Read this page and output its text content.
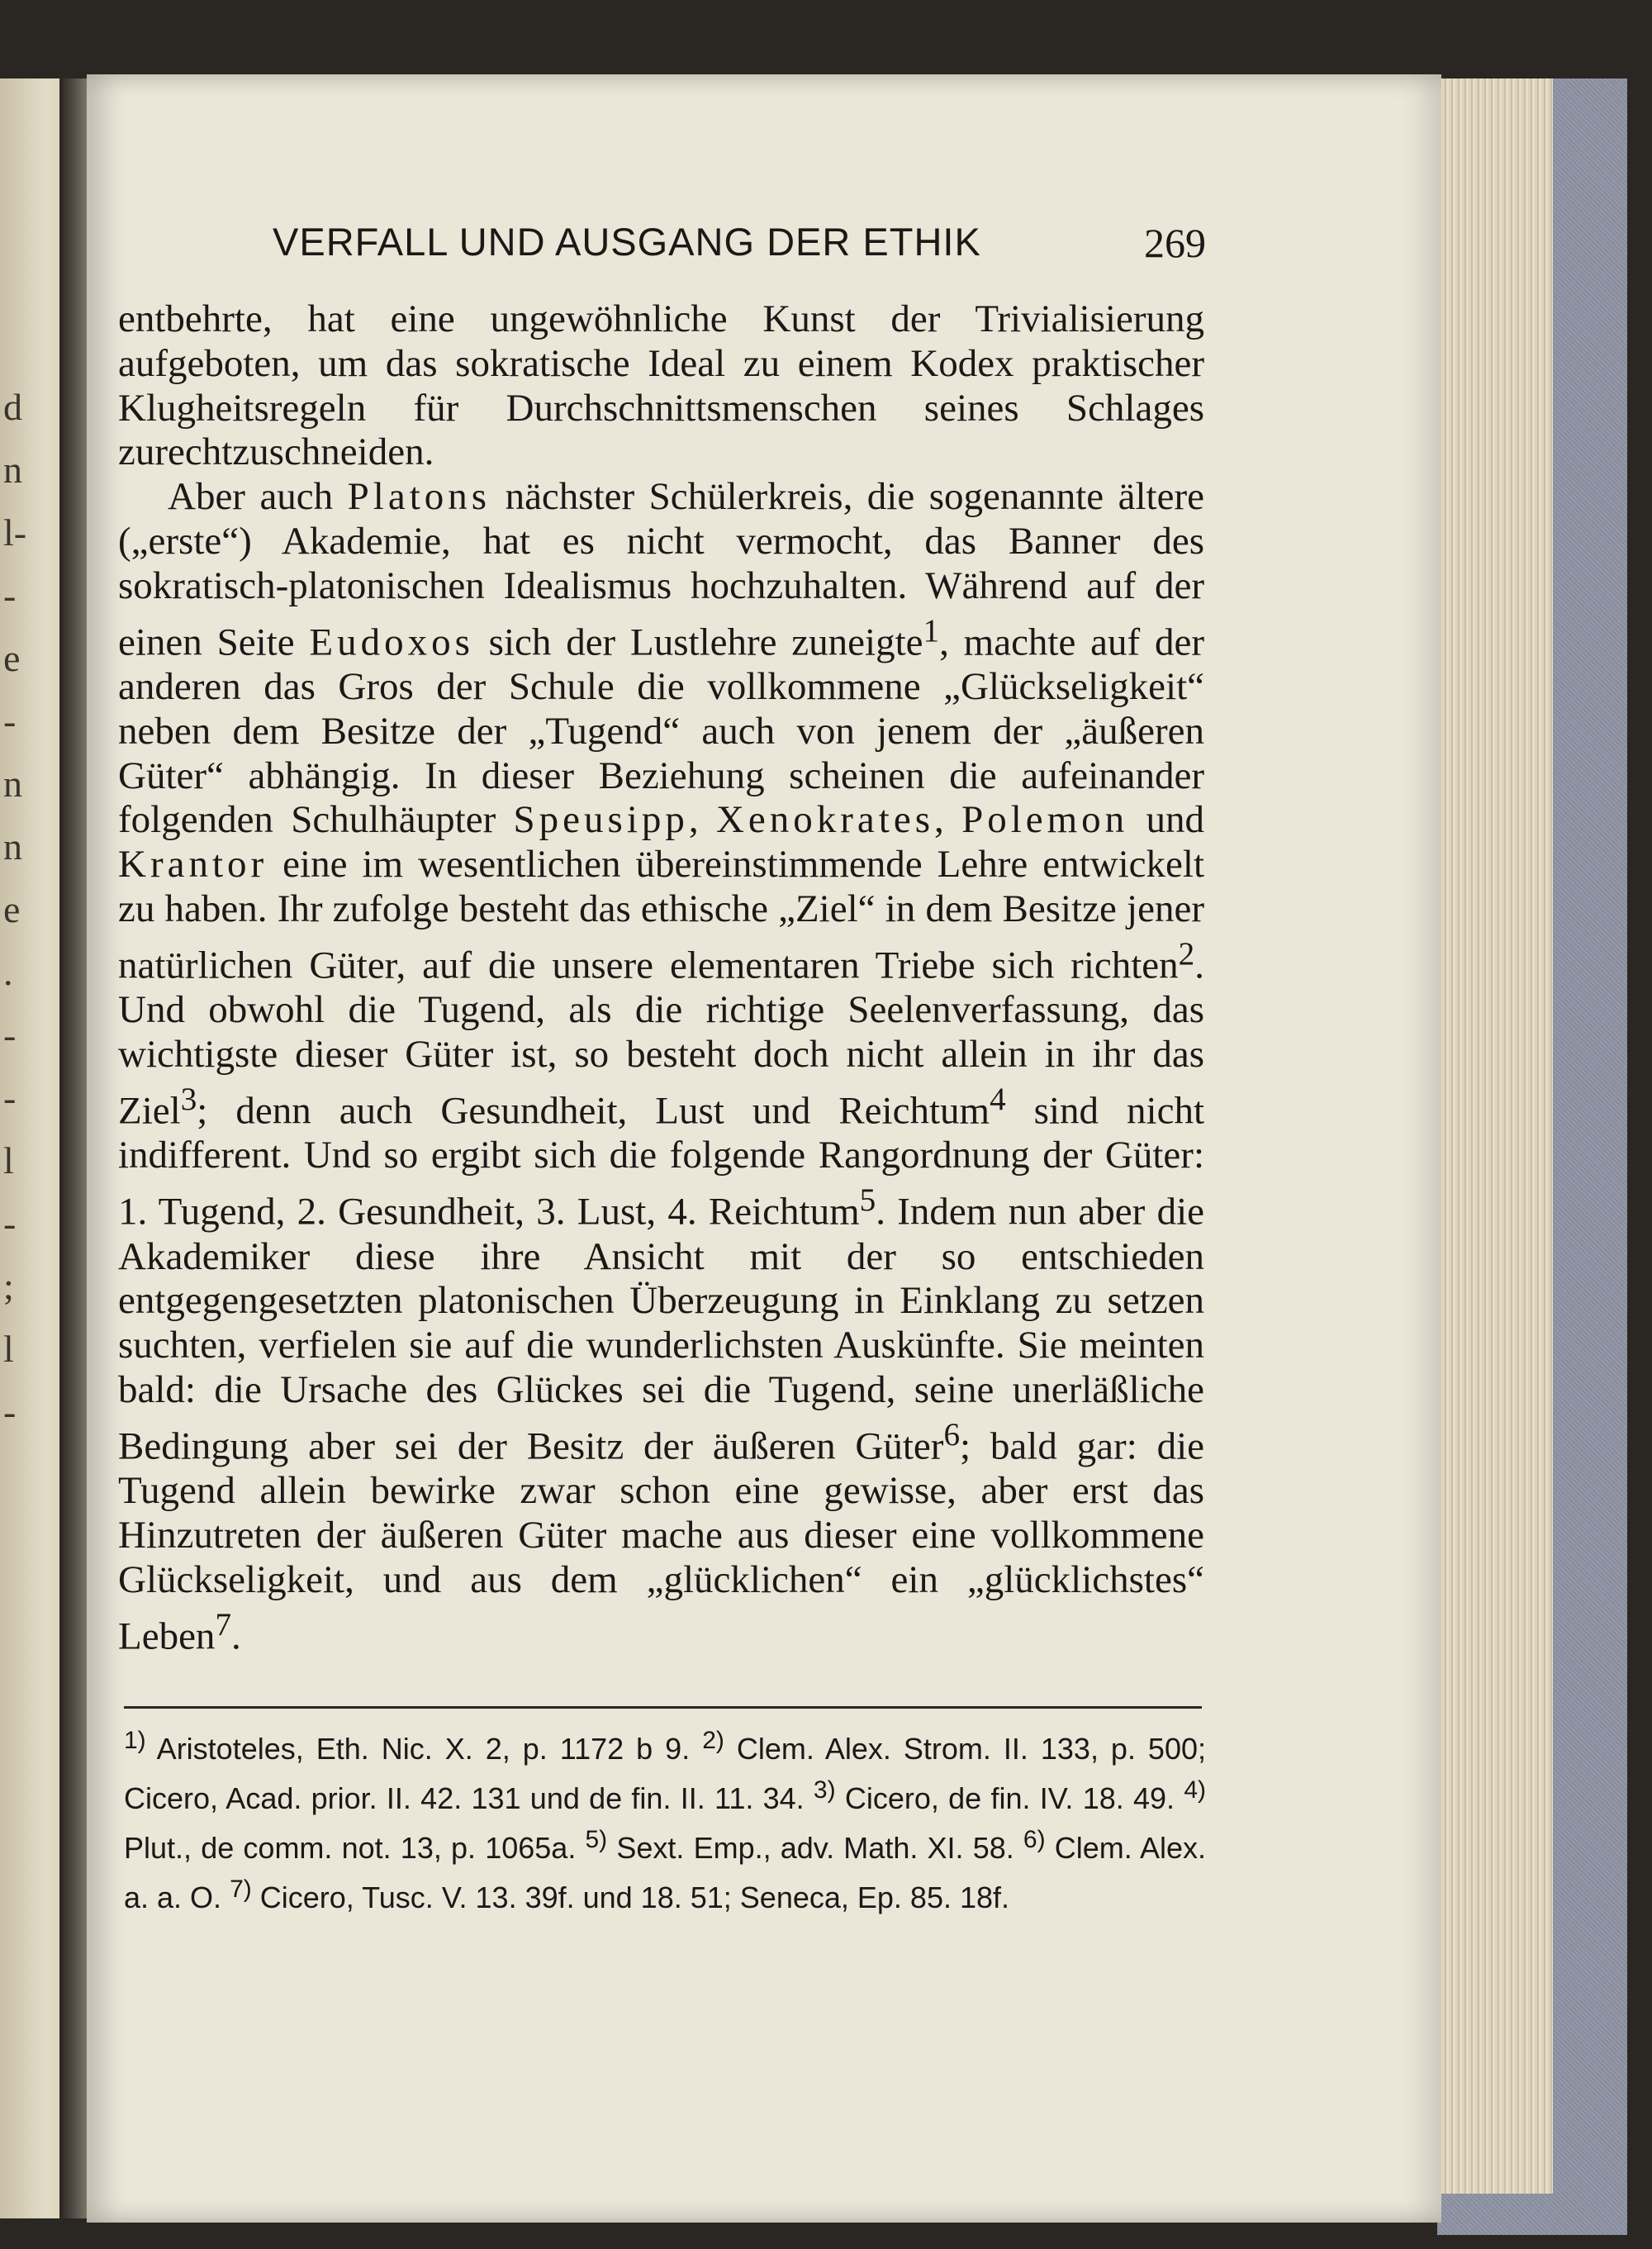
d
n
l-
-
e
-
n
n
e
.
-
-
l
-
;
l
-
VERFALL UND AUSGANG DER ETHIK	269

entbehrte, hat eine ungewöhnliche Kunst der Trivialisierung aufgeboten, um das sokratische Ideal zu einem Kodex praktischer Klugheitsregeln für Durchschnittsmenschen seines Schlages zurechtzuschneiden.

Aber auch Platons nächster Schülerkreis, die sogenannte ältere („erste“) Akademie, hat es nicht vermocht, das Banner des sokratisch-platonischen Idealismus hochzuhalten. Während auf der einen Seite Eudoxos sich der Lustlehre zuneigte$^1$, machte auf der anderen das Gros der Schule die vollkommene „Glückseligkeit“ neben dem Besitze der „Tugend“ auch von jenem der „äußeren Güter“ abhängig. In dieser Beziehung scheinen die aufeinander folgenden Schulhäupter Speusipp, Xenokrates, Polemon und Krantor eine im wesentlichen übereinstimmende Lehre entwickelt zu haben. Ihr zufolge besteht das ethische „Ziel“ in dem Besitze jener natürlichen Güter, auf die unsere elementaren Triebe sich richten$^2$. Und obwohl die Tugend, als die richtige Seelenverfassung, das wichtigste dieser Güter ist, so besteht doch nicht allein in ihr das Ziel$^3$; denn auch Gesundheit, Lust und Reichtum$^4$ sind nicht indifferent. Und so ergibt sich die folgende Rangordnung der Güter: 1. Tugend, 2. Gesundheit, 3. Lust, 4. Reichtum$^5$. Indem nun aber die Akademiker diese ihre Ansicht mit der so entschieden entgegengesetzten platonischen Überzeugung in Einklang zu setzen suchten, verfielen sie auf die wunderlichsten Auskünfte. Sie meinten bald: die Ursache des Glückes sei die Tugend, seine unerläßliche Bedingung aber sei der Besitz der äußeren Güter$^6$; bald gar: die Tugend allein bewirke zwar schon eine gewisse, aber erst das Hinzutreten der äußeren Güter mache aus dieser eine vollkommene Glückseligkeit, und aus dem „glücklichen“ ein „glücklichstes“ Leben$^7$.

$^{1)}$ Aristoteles, Eth. Nic. X. 2, p. 1172 b 9. $^{2)}$ Clem. Alex. Strom. II. 133, p. 500; Cicero, Acad. prior. II. 42. 131 und de fin. II. 11. 34. $^{3)}$ Cicero, de fin. IV. 18. 49. $^{4)}$ Plut., de comm. not. 13, p. 1065a. $^{5)}$ Sext. Emp., adv. Math. XI. 58. $^{6)}$ Clem. Alex. a. a. O. $^{7)}$ Cicero, Tusc. V. 13. 39f. und 18. 51; Seneca, Ep. 85. 18f.
